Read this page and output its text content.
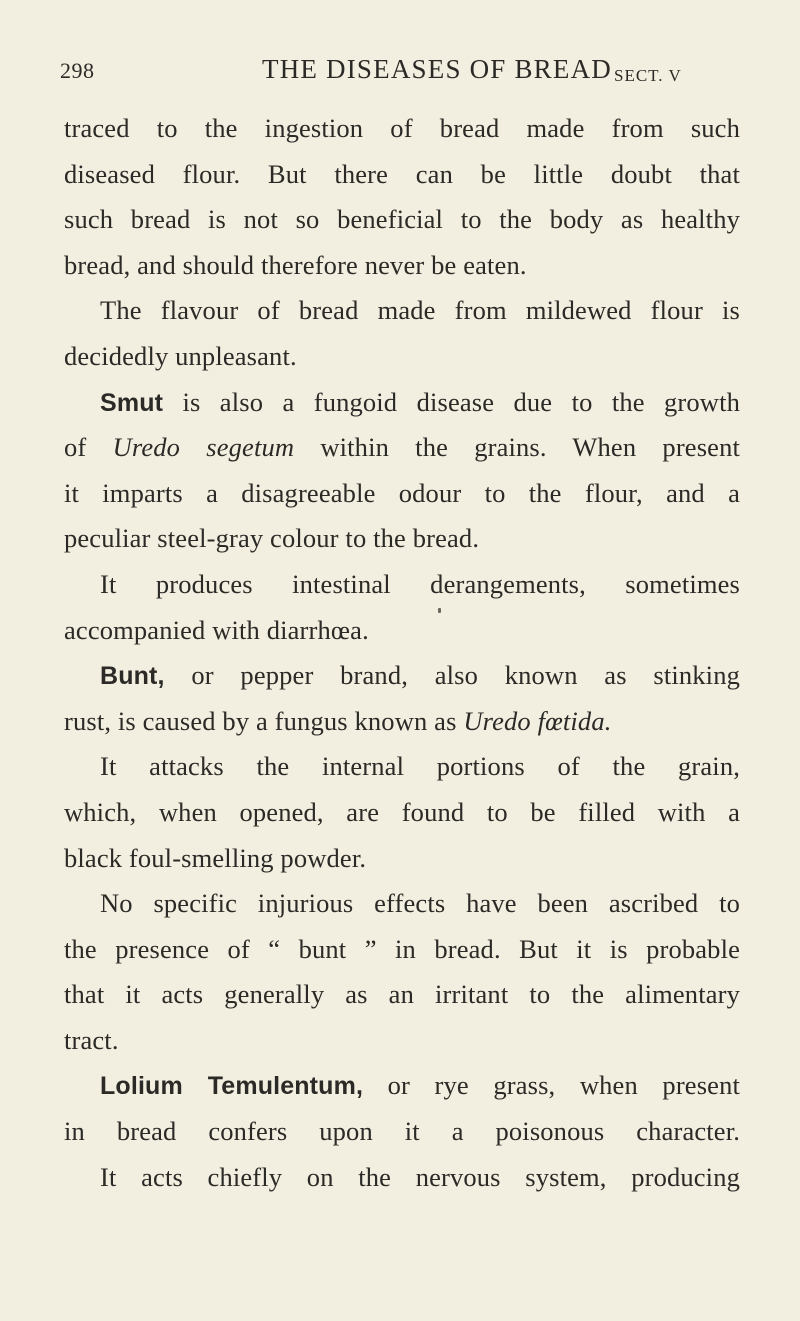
298	THE DISEASES OF BREAD SECT. V
traced to the ingestion of bread made from such
diseased flour. But there can be little doubt that
such bread is not so beneficial to the body as healthy
bread, and should therefore never be eaten.
The flavour of bread made from mildewed flour is
decidedly unpleasant.
Smut is also a fungoid disease due to the growth
of Uredo segetum within the grains. When present
it imparts a disagreeable odour to the flour, and a
peculiar steel-gray colour to the bread.
It produces intestinal derangements, sometimes
accompanied with diarrhœa.
Bunt, or pepper brand, also known as stinking
rust, is caused by a fungus known as Uredo fœtida.
It attacks the internal portions of the grain,
which, when opened, are found to be filled with a
black foul-smelling powder.
No specific injurious effects have been ascribed to
the presence of “ bunt ” in bread. But it is probable
that it acts generally as an irritant to the alimentary
tract.
Lolium Temulentum, or rye grass, when present
in bread confers upon it a poisonous character.
It acts chiefly on the nervous system, producing
